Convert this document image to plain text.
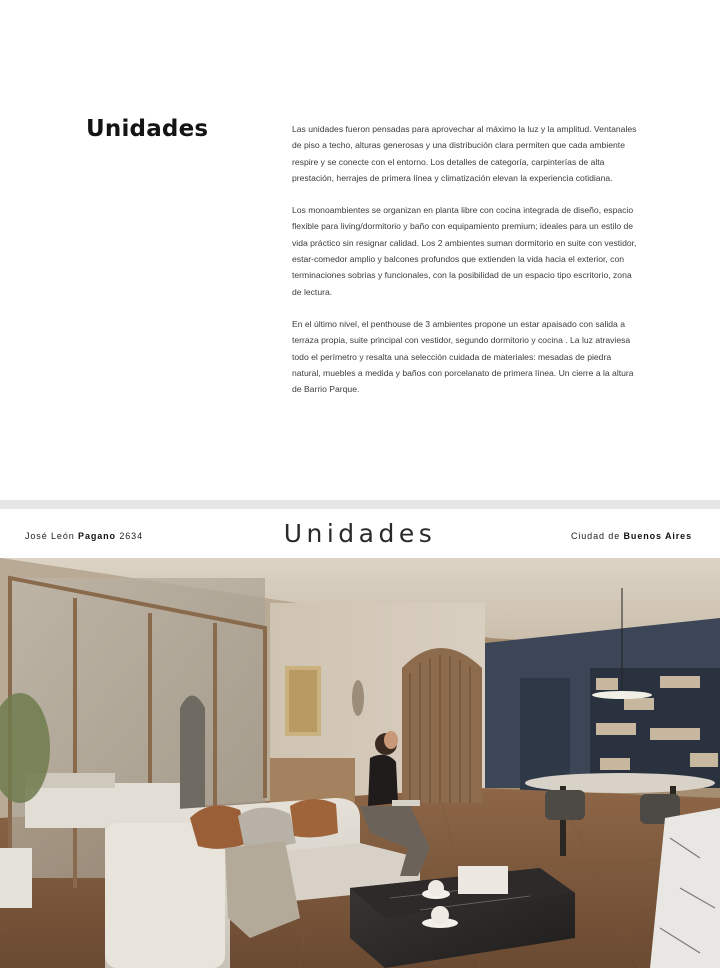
Unidades	Las unidades fueron pensadas para aprovechar al máximo la luz y la amplitud. Ventanales de piso a techo, alturas generosas y una distribución clara permiten que cada ambiente respire y se conecte con el entorno. Los detalles de categoría, carpinterías de alta prestación, herrajes de primera línea y climatización elevan la experiencia cotidiana.

Los monoambientes se organizan en planta libre con cocina integrada de diseño, espacio flexible para living/dormitorio y baño con equipamiento premium; ideales para un estilo de vida práctico sin resignar calidad. Los 2 ambientes suman dormitorio en suite con vestidor, estar-comedor amplio y balcones profundos que extienden la vida hacia el exterior, con terminaciones sobrias y funcionales, con la posibilidad de un espacio tipo escritorio, zona de lectura.

En el último nivel, el penthouse de 3 ambientes propone un estar apaisado con salida a terraza propia, suite principal con vestidor, segundo dormitorio y cocina . La luz atraviesa todo el perímetro y resalta una selección cuidada de materiales: mesadas de piedra natural, muebles a medida y baños con porcelanato de primera línea. Un cierre a la altura de Barrio Parque.

José León Pagano 2634	Unidades	Ciudad de Buenos Aires
